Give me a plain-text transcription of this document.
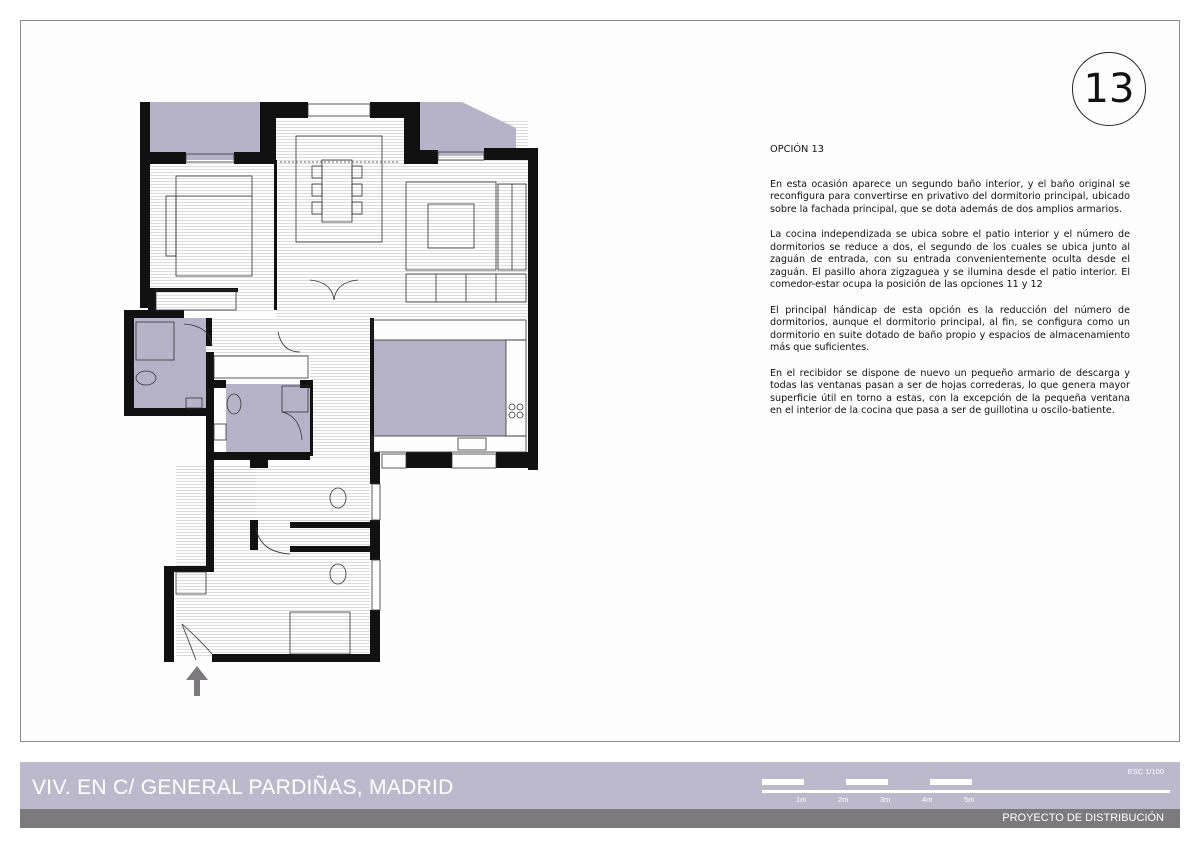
13
OPCIÓN 13

En esta ocasión aparece un segundo baño interior, y el baño original se reconfigura para convertirse en privativo del dormitorio principal, ubicado sobre la fachada principal, que se dota además de dos amplios armarios.

La cocina independizada se ubica sobre el patio interior y el número de dormitorios se reduce a dos, el segundo de los cuales se ubica junto al zaguán de entrada, con su entrada convenientemente oculta desde el zaguán. El pasillo ahora zigzaguea y se ilumina desde el patio interior. El comedor-estar ocupa la posición de las opciones 11 y 12

El principal hándicap de esta opción es la reducción del número de dormitorios, aunque el dormitorio principal, al fin, se configura como un dormitorio en suite dotado de baño propio y espacios de almacenamiento más que suficientes.

En el recibidor se dispone de nuevo un pequeño armario de descarga y todas las ventanas pasan a ser de hojas correderas, lo que genera mayor superficie útil en torno a estas, con la excepción de la pequeña ventana en el interior de la cocina que pasa a ser de guillotina u oscilo-batiente.

VIV. EN C/ GENERAL PARDIÑAS, MADRID
ESC 1/100
1m	2m	3m	4m	5m
PROYECTO DE DISTRIBUCIÓN
